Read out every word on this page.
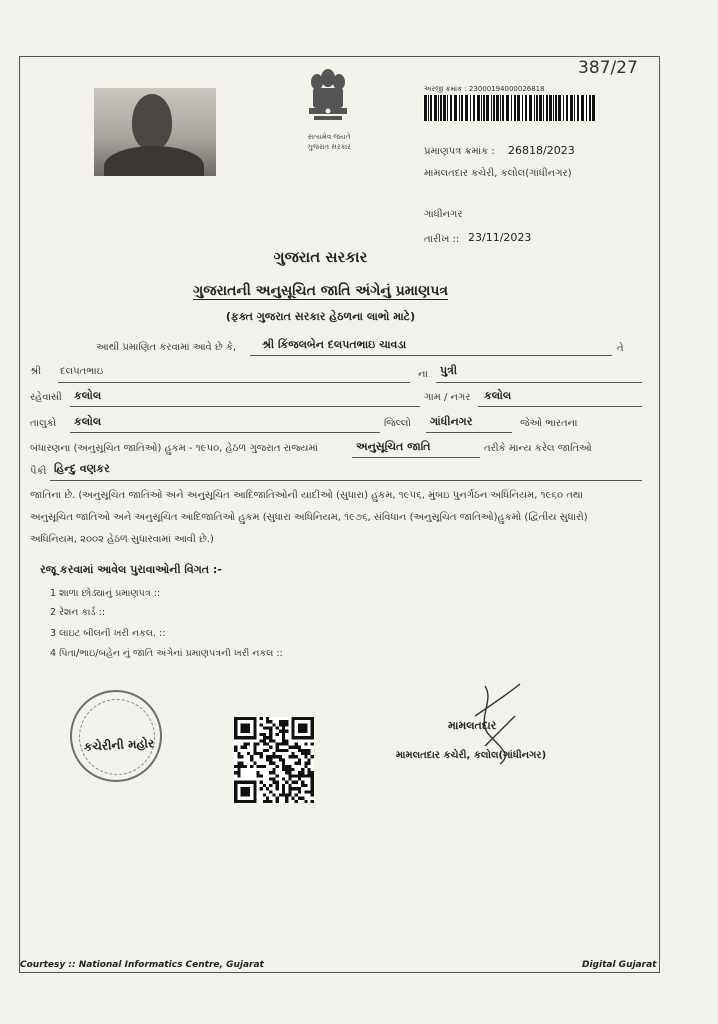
387/27
સત્યમેવ જયતે
ગુજરાત સરકાર
અરજી ક્રમાંક : 23000194000026818
પ્રમાણપત્ર ક્રમાંક : 26818/2023
મામલતદાર કચેરી, કલોલ(ગાંધીનગર)
ગાંધીનગર
તારીખ :: 23/11/2023
ગુજરાત સરકાર
ગુજરાતની અનુસૂચિત જાતિ અંગેનું પ્રમાણપત્ર
(ફક્ત ગુજરાત સરકાર હેઠળના લાભો માટે)
આથી પ્રમાણિત કરવામાં આવે છે કે, શ્રી કિંજલબેન દલપતભાઇ ચાવડા	તે
શ્રી દલપતભાઇ	ના પુત્રી
રહેવાસી કલોલ	ગામ / નગર કલોલ
તાલુકો કલોલ	જિલ્લો ગાંધીનગર	જેઓ ભારતના
બંધારણના (અનુસૂચિત જાતિઓ) હુકમ - ૧૯૫૦, હેઠળ ગુજરાત રાજ્યમાં	અનુસૂચિત જાતિ	તરીકે માન્ય કરેલ જાતિઓ
પૈકી હિન્દુ વણકર
જાતિના છે. (અનુસૂચિત જાતિઓ અને અનુસૂચિત આદિજાતિઓની યાદીઓ (સુધારા) હુકમ, ૧૯૫૬, મુંબઇ પુનર્ગઠન અધિનિયમ, ૧૯૬૦ તથા
અનુસૂચિત જાતિઓ અને અનુસૂચિત આદિજાતિઓ હુકમ (સુધારા અધિનિયમ, ૧૯૭૬, સંવિધાન (અનુસૂચિત જાતિઓ)હુકમો (દ્વિતીય સુધારો)
અધિનિયમ, ૨૦૦૨ હેઠળ સુધારવામાં આવી છે.)
રજૂ કરવામાં આવેલ પુરાવાઓની વિગત :-
1 શાળા છોડ્યાનું પ્રમાણપત્ર ::
2 રેશન કાર્ડ ::
3 લાઇટ બીલની ખરી નકલ. ::
4 પિતા/ભાઇ/બહેન નું જાતિ અંગેનાં પ્રમાણપત્રની ખરી નકલ ::
કચેરીની મહોર
મામલતદાર
મામલતદાર કચેરી, કલોલ(ગાંધીનગર)
Courtesy :: National Informatics Centre, Gujarat	Digital Gujarat
